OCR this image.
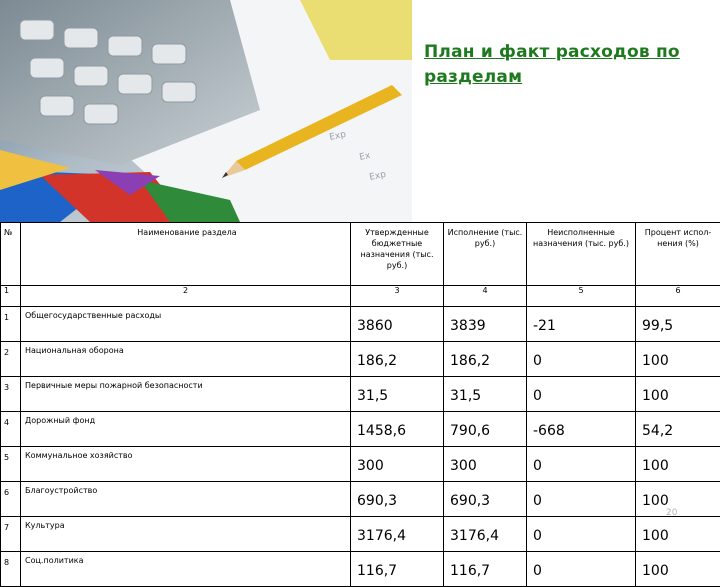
Exp
Ex
Exp
План и факт расходов по разделам
№	Наименование раздела	Утвержденные бюджетные назначения (тыс. руб.)	Исполнение (тыс. руб.)	Неисполненные назначения (тыс. руб.)	Процент испол-нения (%)
1	2	3	4	5	6
1	Общегосударственные расходы	3860	3839	-21	99,5
2	Национальная оборона	186,2	186,2	0	100
3	Первичные меры пожарной безопасности	31,5	31,5	0	100
4	Дорожный фонд	1458,6	790,6	-668	54,2
5	Коммунальное хозяйство	300	300	0	100
6	Благоустройство	690,3	690,3	0	100
7	Культура	3176,4	3176,4	0	100
8	Соц.политика	116,7	116,7	0	100
20
